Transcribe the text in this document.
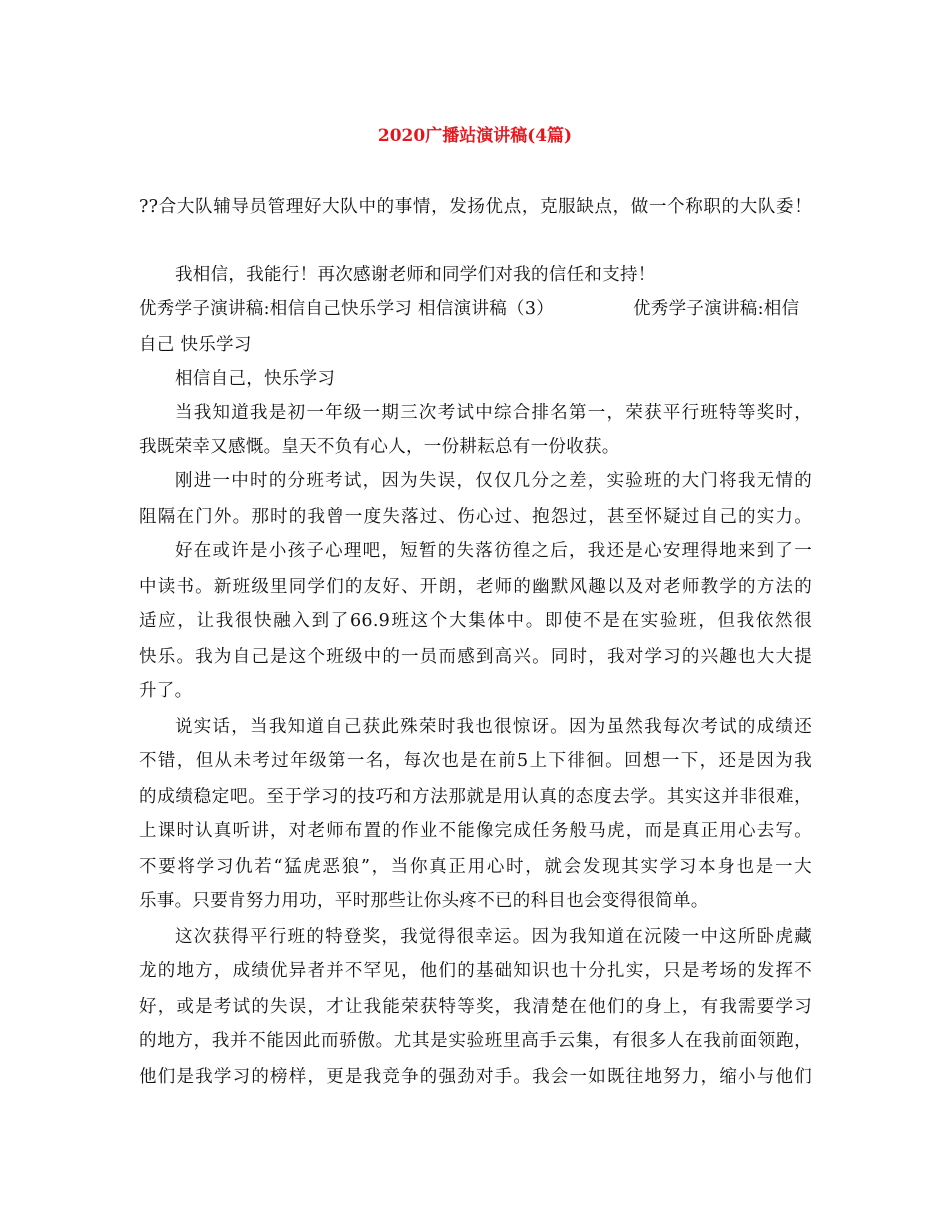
2020广播站演讲稿(4篇)
??合大队辅导员管理好大队中的事情，发扬优点，克服缺点，做一个称职的大队委！
我相信，我能行！再次感谢老师和同学们对我的信任和支持！
优秀学子演讲稿:相信自己快乐学习 相信演讲稿（3）	优秀学子演讲稿:相信
自己 快乐学习
相信自己，快乐学习
当我知道我是初一年级一期三次考试中综合排名第一，荣获平行班特等奖时，
我既荣幸又感慨。皇天不负有心人，一份耕耘总有一份收获。
刚进一中时的分班考试，因为失误，仅仅几分之差，实验班的大门将我无情的
阻隔在门外。那时的我曾一度失落过、伤心过、抱怨过，甚至怀疑过自己的实力。
好在或许是小孩子心理吧，短暂的失落彷徨之后，我还是心安理得地来到了一
中读书。新班级里同学们的友好、开朗，老师的幽默风趣以及对老师教学的方法的
适应，让我很快融入到了66.9班这个大集体中。即使不是在实验班，但我依然很
快乐。我为自己是这个班级中的一员而感到高兴。同时，我对学习的兴趣也大大提
升了。
说实话，当我知道自己获此殊荣时我也很惊讶。因为虽然我每次考试的成绩还
不错，但从未考过年级第一名，每次也是在前5上下徘徊。回想一下，还是因为我
的成绩稳定吧。至于学习的技巧和方法那就是用认真的态度去学。其实这并非很难，
上课时认真听讲，对老师布置的作业不能像完成任务般马虎，而是真正用心去写。
不要将学习仇若“猛虎恶狼”，当你真正用心时，就会发现其实学习本身也是一大
乐事。只要肯努力用功，平时那些让你头疼不已的科目也会变得很简单。
这次获得平行班的特登奖，我觉得很幸运。因为我知道在沅陵一中这所卧虎藏
龙的地方，成绩优异者并不罕见，他们的基础知识也十分扎实，只是考场的发挥不
好，或是考试的失误，才让我能荣获特等奖，我清楚在他们的身上，有我需要学习
的地方，我并不能因此而骄傲。尤其是实验班里高手云集，有很多人在我前面领跑，
他们是我学习的榜样，更是我竞争的强劲对手。我会一如既往地努力，缩小与他们
